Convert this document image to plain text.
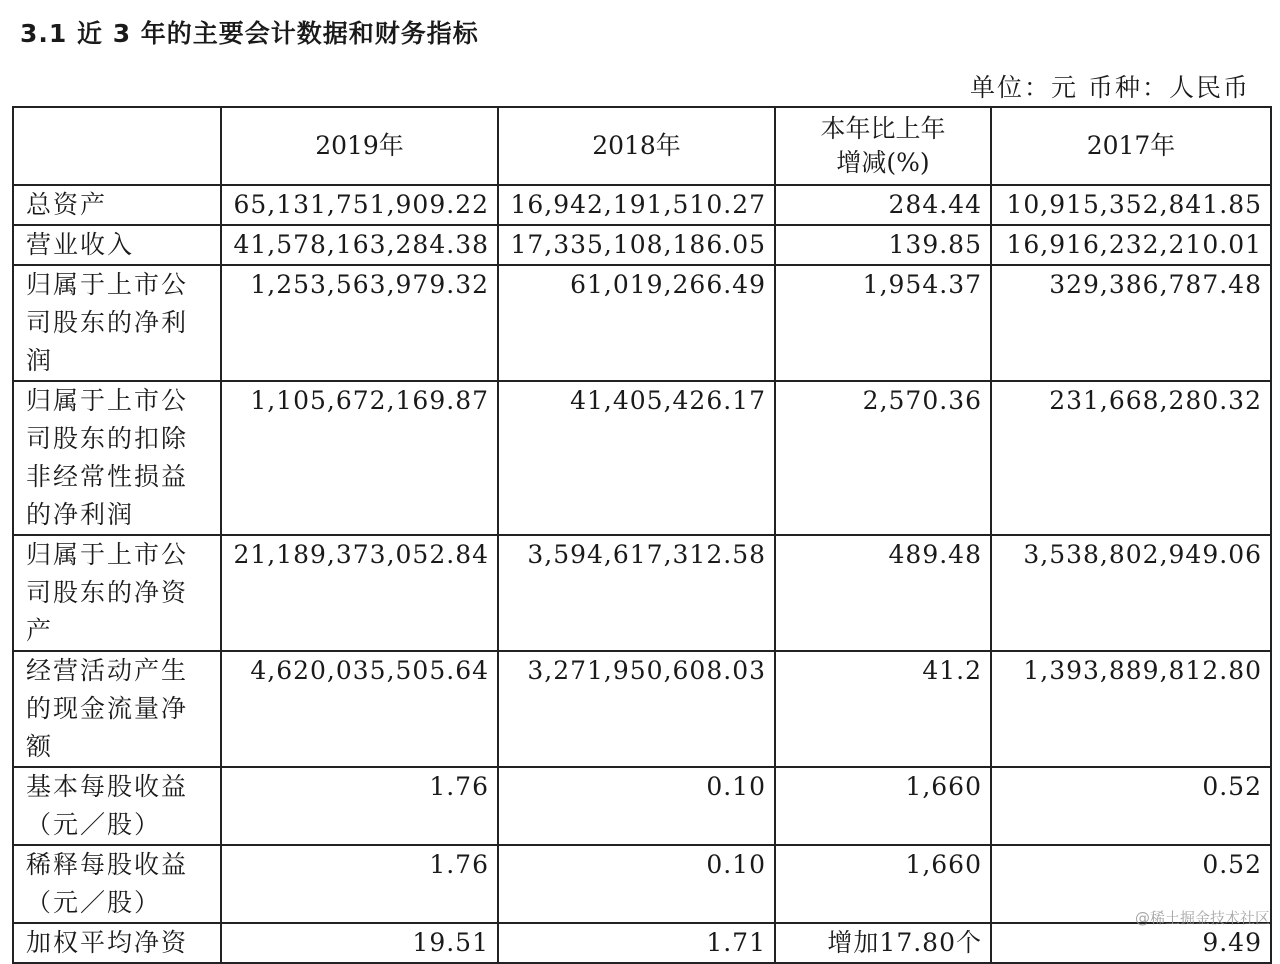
3.1 近 3 年的主要会计数据和财务指标
单位：元 币种：人民币
	2019年	2018年	本年比上年增减(%)	2017年
总资产	65,131,751,909.22	16,942,191,510.27	284.44	10,915,352,841.85
营业收入	41,578,163,284.38	17,335,108,186.05	139.85	16,916,232,210.01
归属于上市公司股东的净利润	1,253,563,979.32	61,019,266.49	1,954.37	329,386,787.48
归属于上市公司股东的扣除非经常性损益的净利润	1,105,672,169.87	41,405,426.17	2,570.36	231,668,280.32
归属于上市公司股东的净资产	21,189,373,052.84	3,594,617,312.58	489.48	3,538,802,949.06
经营活动产生的现金流量净额	4,620,035,505.64	3,271,950,608.03	41.2	1,393,889,812.80
基本每股收益（元／股）	1.76	0.10	1,660	0.52
稀释每股收益（元／股）	1.76	0.10	1,660	0.52
加权平均净资	19.51	1.71	增加17.80个	9.49
@稀土掘金技术社区
